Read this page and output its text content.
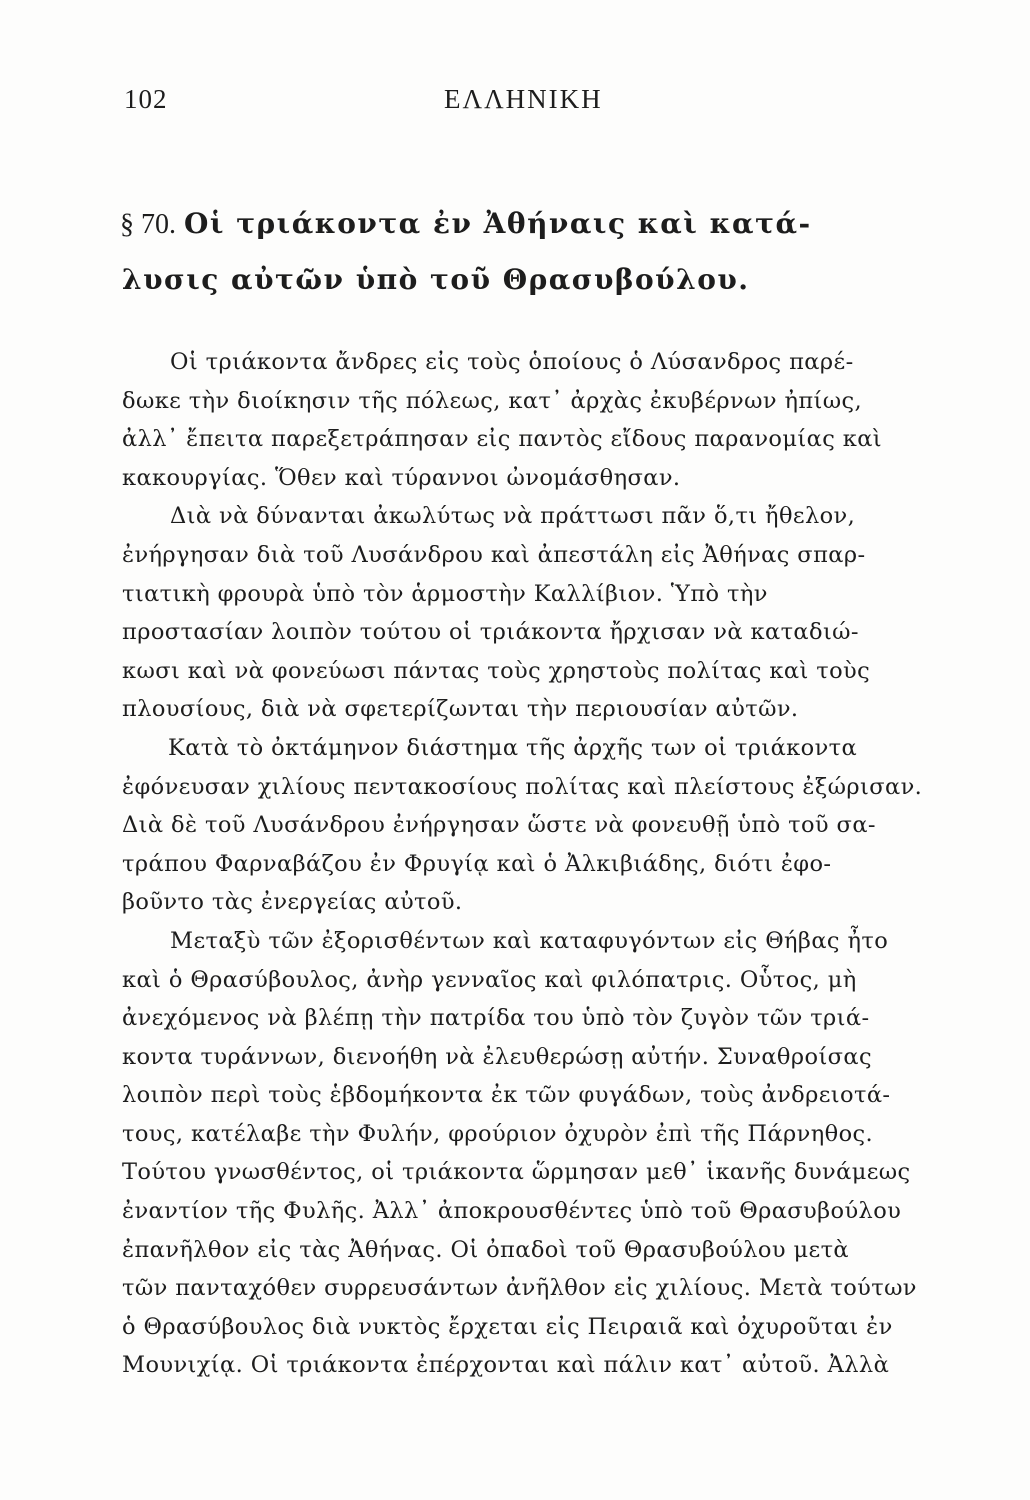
102	ΕΛΛΗΝΙΚΗ
§ 70. Οἱ τριάκοντα ἐν Ἀθήναις καὶ κατά-
λυσις αὐτῶν ὑπὸ τοῦ Θρασυβούλου.
Οἱ τριάκοντα ἄνδρες εἰς τοὺς ὁποίους ὁ Λύσανδρος παρέ-
δωκε τὴν διοίκησιν τῆς πόλεως, κατ᾽ ἀρχὰς ἐκυβέρνων ἠπίως,
ἀλλ᾽ ἔπειτα παρεξετράπησαν εἰς παντὸς εἴδους παρανομίας καὶ
κακουργίας. Ὅθεν καὶ τύραννοι ὠνομάσθησαν.
Διὰ νὰ δύνανται ἀκωλύτως νὰ πράττωσι πᾶν ὅ,τι ἤθελον,
ἐνήργησαν διὰ τοῦ Λυσάνδρου καὶ ἀπεστάλη εἰς Ἀθήνας σπαρ-
τιατικὴ φρουρὰ ὑπὸ τὸν ἁρμοστὴν Καλλίβιον. Ὑπὸ τὴν
προστασίαν λοιπὸν τούτου οἱ τριάκοντα ἤρχισαν νὰ καταδιώ-
κωσι καὶ νὰ φονεύωσι πάντας τοὺς χρηστοὺς πολίτας καὶ τοὺς
πλουσίους, διὰ νὰ σφετερίζωνται τὴν περιουσίαν αὐτῶν.
Κατὰ τὸ ὀκτάμηνον διάστημα τῆς ἀρχῆς των οἱ τριάκοντα
ἐφόνευσαν χιλίους πεντακοσίους πολίτας καὶ πλείστους ἐξώρισαν.
Διὰ δὲ τοῦ Λυσάνδρου ἐνήργησαν ὥστε νὰ φονευθῇ ὑπὸ τοῦ σα-
τράπου Φαρναβάζου ἐν Φρυγίᾳ καὶ ὁ Ἀλκιβιάδης, διότι ἐφο-
βοῦντο τὰς ἐνεργείας αὐτοῦ.
Μεταξὺ τῶν ἐξορισθέντων καὶ καταφυγόντων εἰς Θήβας ἦτο
καὶ ὁ Θρασύβουλος, ἀνὴρ γενναῖος καὶ φιλόπατρις. Οὗτος, μὴ
ἀνεχόμενος νὰ βλέπῃ τὴν πατρίδα του ὑπὸ τὸν ζυγὸν τῶν τριά-
κοντα τυράννων, διενοήθη νὰ ἐλευθερώσῃ αὐτήν. Συναθροίσας
λοιπὸν περὶ τοὺς ἑβδομήκοντα ἐκ τῶν φυγάδων, τοὺς ἀνδρειοτά-
τους, κατέλαβε τὴν Φυλήν, φρούριον ὀχυρὸν ἐπὶ τῆς Πάρνηθος.
Τούτου γνωσθέντος, οἱ τριάκοντα ὥρμησαν μεθ᾽ ἱκανῆς δυνάμεως
ἐναντίον τῆς Φυλῆς. Ἀλλ᾽ ἀποκρουσθέντες ὑπὸ τοῦ Θρασυβούλου
ἐπανῆλθον εἰς τὰς Ἀθήνας. Οἱ ὀπαδοὶ τοῦ Θρασυβούλου μετὰ
τῶν πανταχόθεν συρρευσάντων ἀνῆλθον εἰς χιλίους. Μετὰ τούτων
ὁ Θρασύβουλος διὰ νυκτὸς ἔρχεται εἰς Πειραιᾶ καὶ ὀχυροῦται ἐν
Μουνιχίᾳ. Οἱ τριάκοντα ἐπέρχονται καὶ πάλιν κατ᾽ αὐτοῦ. Ἀλλὰ
